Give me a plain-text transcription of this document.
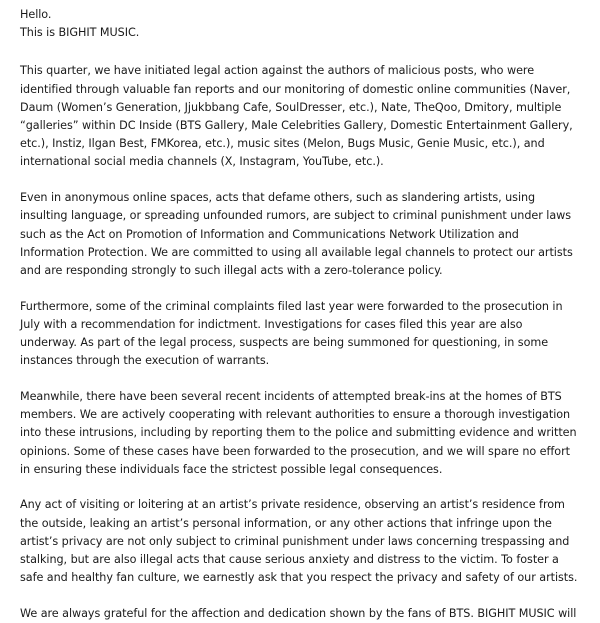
Hello.

This is BIGHIT MUSIC.

This quarter, we have initiated legal action against the authors of malicious posts, who were identified through valuable fan reports and our monitoring of domestic online communities (Naver, Daum (Women’s Generation, Jjukbbang Cafe, SoulDresser, etc.), Nate, TheQoo, Dmitory, multiple “galleries” within DC Inside (BTS Gallery, Male Celebrities Gallery, Domestic Entertainment Gallery, etc.), Instiz, Ilgan Best, FMKorea, etc.), music sites (Melon, Bugs Music, Genie Music, etc.), and international social media channels (X, Instagram, YouTube, etc.).

Even in anonymous online spaces, acts that defame others, such as slandering artists, using insulting language, or spreading unfounded rumors, are subject to criminal punishment under laws such as the Act on Promotion of Information and Communications Network Utilization and Information Protection. We are committed to using all available legal channels to protect our artists and are responding strongly to such illegal acts with a zero-tolerance policy.

Furthermore, some of the criminal complaints filed last year were forwarded to the prosecution in July with a recommendation for indictment. Investigations for cases filed this year are also underway. As part of the legal process, suspects are being summoned for questioning, in some instances through the execution of warrants.

Meanwhile, there have been several recent incidents of attempted break-ins at the homes of BTS members. We are actively cooperating with relevant authorities to ensure a thorough investigation into these intrusions, including by reporting them to the police and submitting evidence and written opinions. Some of these cases have been forwarded to the prosecution, and we will spare no effort in ensuring these individuals face the strictest possible legal consequences.

Any act of visiting or loitering at an artist’s private residence, observing an artist’s residence from the outside, leaking an artist’s personal information, or any other actions that infringe upon the artist’s privacy are not only subject to criminal punishment under laws concerning trespassing and stalking, but are also illegal acts that cause serious anxiety and distress to the victim. To foster a safe and healthy fan culture, we earnestly ask that you respect the privacy and safety of our artists.

We are always grateful for the affection and dedication shown by the fans of BTS. BIGHIT MUSIC will
